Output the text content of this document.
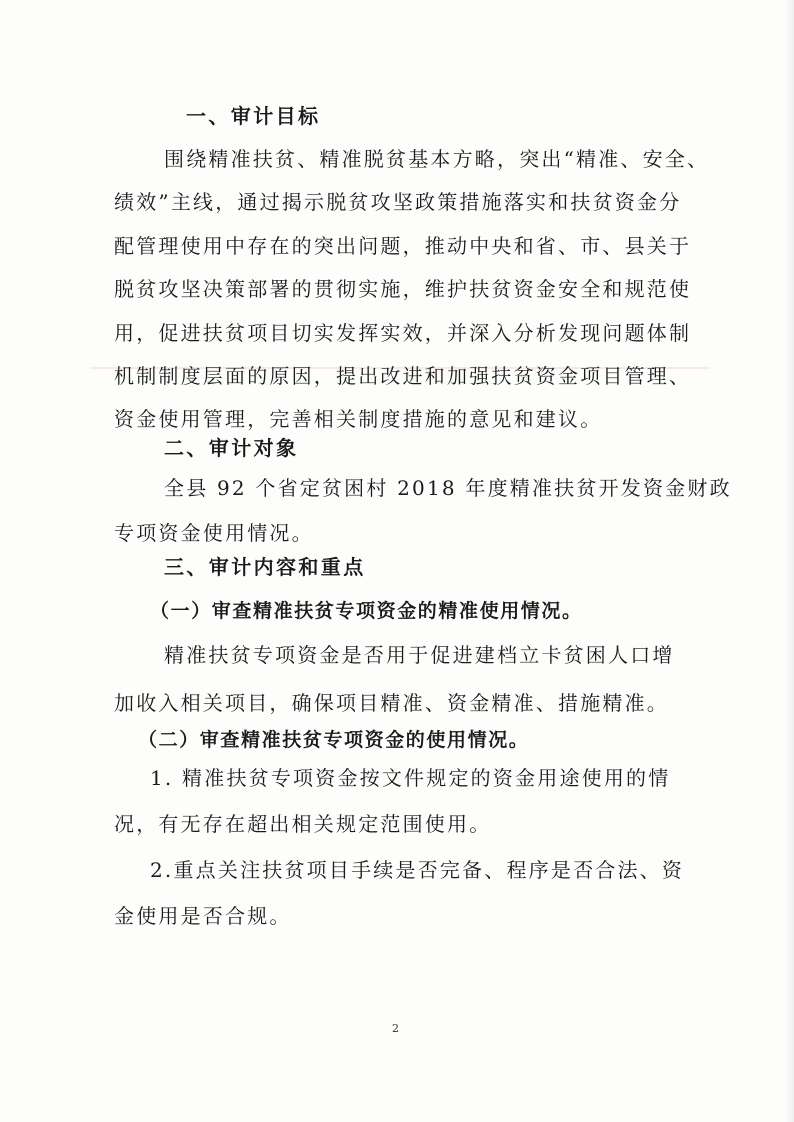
一、审计目标
围绕精准扶贫、精准脱贫基本方略，突出“精准、安全、
绩效”主线，通过揭示脱贫攻坚政策措施落实和扶贫资金分
配管理使用中存在的突出问题，推动中央和省、市、县关于
脱贫攻坚决策部署的贯彻实施，维护扶贫资金安全和规范使
用，促进扶贫项目切实发挥实效，并深入分析发现问题体制
机制制度层面的原因，提出改进和加强扶贫资金项目管理、
资金使用管理，完善相关制度措施的意见和建议。
二、审计对象
全县 92 个省定贫困村 2018 年度精准扶贫开发资金财政
专项资金使用情况。
三、审计内容和重点
（一）审查精准扶贫专项资金的精准使用情况。
精准扶贫专项资金是否用于促进建档立卡贫困人口增
加收入相关项目，确保项目精准、资金精准、措施精准。
（二）审查精准扶贫专项资金的使用情况。
1. 精准扶贫专项资金按文件规定的资金用途使用的情
况，有无存在超出相关规定范围使用。
2.重点关注扶贫项目手续是否完备、程序是否合法、资
金使用是否合规。
2
